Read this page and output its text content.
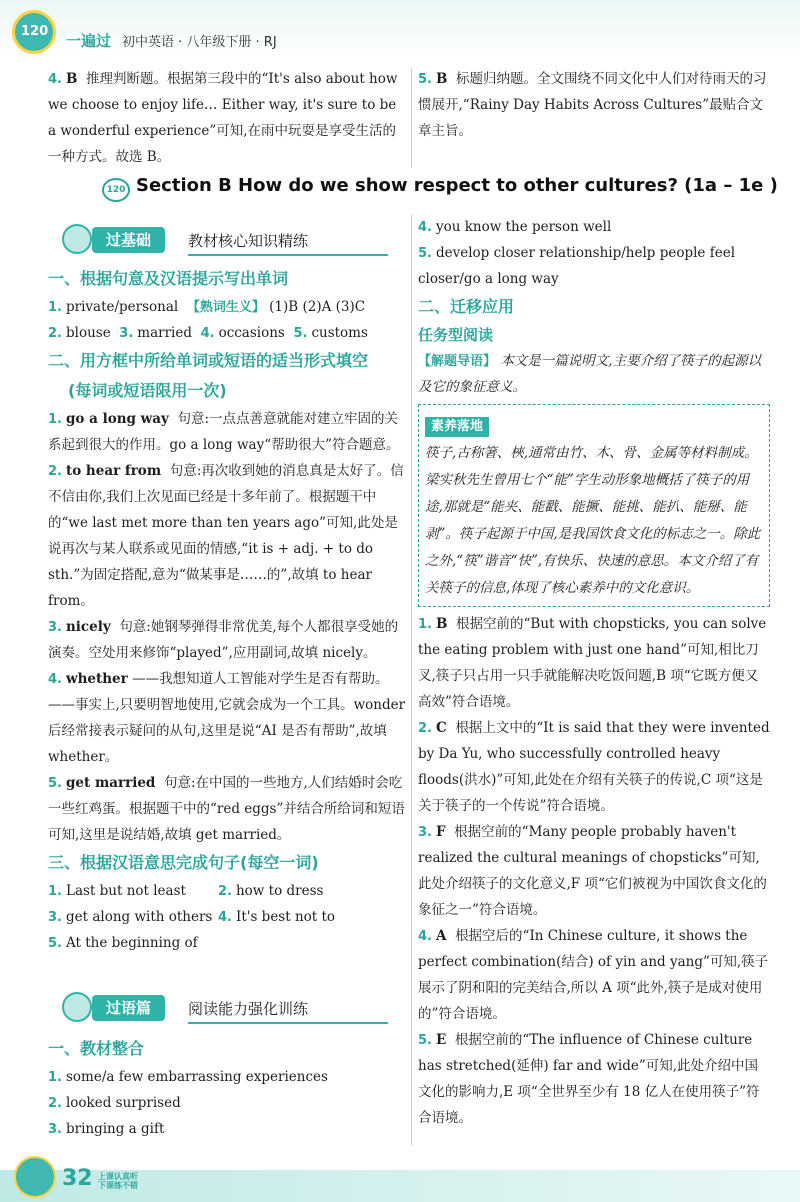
120
一遍过 初中英语 · 八年级下册 · RJ

4. B 推理判断题。根据第三段中的“It's also about how we choose to enjoy life… Either way, it's sure to be a wonderful experience”可知,在雨中玩耍是享受生活的一种方式。故选 B。

5. B 标题归纳题。全文围绕不同文化中人们对待雨天的习惯展开,“Rainy Day Habits Across Cultures”最贴合文章主旨。

120 Section B How do we show respect to other cultures? (1a – 1e )
过基础	教材核心知识精练
一、根据句意及汉语提示写出单词

1. private/personal 【熟词生义】 (1)B (2)A (3)C

2. blouse 3. married 4. occasions 5. customs

二、用方框中所给单词或短语的适当形式填空
(每词或短语限用一次)

1. go a long way 句意:一点点善意就能对建立牢固的关系起到很大的作用。go a long way“帮助很大”符合题意。

2. to hear from 句意:再次收到她的消息真是太好了。信不信由你,我们上次见面已经是十多年前了。根据题干中的“we last met more than ten years ago”可知,此处是说再次与某人联系或见面的情感,“it is + adj. + to do sth.”为固定搭配,意为“做某事是……的”,故填 to hear from。

3. nicely 句意:她钢琴弹得非常优美,每个人都很享受她的演奏。空处用来修饰“played”,应用副词,故填 nicely。

4. whether ——我想知道人工智能对学生是否有帮助。——事实上,只要明智地使用,它就会成为一个工具。wonder 后经常接表示疑问的从句,这里是说“AI 是否有帮助”,故填 whether。

5. get married 句意:在中国的一些地方,人们结婚时会吃一些红鸡蛋。根据题干中的“red eggs”并结合所给词和短语可知,这里是说结婚,故填 get married。

三、根据汉语意思完成句子(每空一词)
1. Last but not least	2. how to dress
3. get along with others 4. It's best not to

5. At the beginning of

过语篇	阅读能力强化训练
一、教材整合

1. some/a few embarrassing experiences

2. looked surprised

3. bringing a gift

4. you know the person well

5. develop closer relationship/help people feel closer/go a long way

二、迁移应用
任务型阅读

【解题导语】 本文是一篇说明文,主要介绍了筷子的起源以及它的象征意义。

素养落地
筷子,古称箸、梜,通常由竹、木、骨、金属等材料制成。梁实秋先生曾用七个“能”字生动形象地概括了筷子的用途,那就是“能夹、能戳、能撅、能挑、能扒、能掰、能剥”。筷子起源于中国,是我国饮食文化的标志之一。除此之外,“筷”谐音“快”,有快乐、快速的意思。本文介绍了有关筷子的信息,体现了核心素养中的文化意识。

1. B 根据空前的“But with chopsticks, you can solve the eating problem with just one hand”可知,相比刀叉,筷子只占用一只手就能解决吃饭问题,B 项“它既方便又高效”符合语境。

2. C 根据上文中的“It is said that they were invented by Da Yu, who successfully controlled heavy floods(洪水)”可知,此处在介绍有关筷子的传说,C 项“这是关于筷子的一个传说”符合语境。

3. F 根据空前的“Many people probably haven't realized the cultural meanings of chopsticks”可知,此处介绍筷子的文化意义,F 项“它们被视为中国饮食文化的象征之一”符合语境。

4. A 根据空后的“In Chinese culture, it shows the perfect combination(结合) of yin and yang”可知,筷子展示了阴和阳的完美结合,所以 A 项“此外,筷子是成对使用的”符合语境。

5. E 根据空前的“The influence of Chinese culture has stretched(延伸) far and wide”可知,此处介绍中国文化的影响力,E 项“全世界至少有 18 亿人在使用筷子”符合语境。

32 上课认真听 下课练不错
